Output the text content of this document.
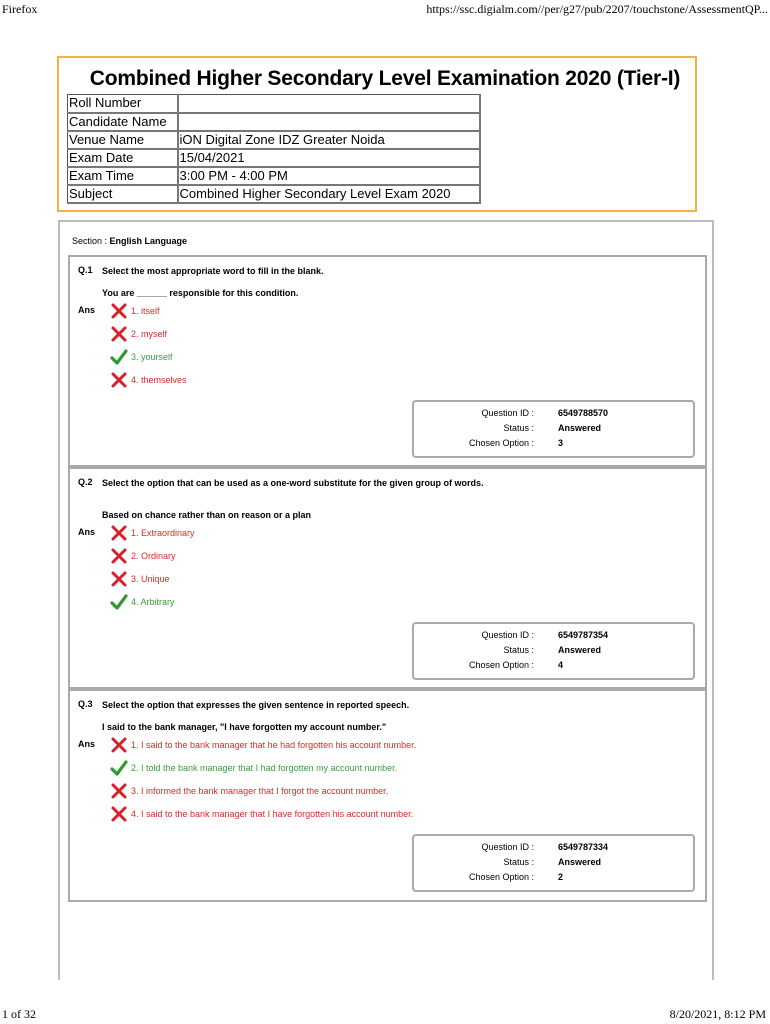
Firefox	https://ssc.digialm.com//per/g27/pub/2207/touchstone/AssessmentQP...
Combined Higher Secondary Level Examination 2020 (Tier-I)
Roll Number	
Candidate Name	
Venue Name	iON Digital Zone IDZ Greater Noida
Exam Date	15/04/2021
Exam Time	3:00 PM - 4:00 PM
Subject	Combined Higher Secondary Level Exam 2020
Section : English Language
Q.1 Select the most appropriate word to fill in the blank.
You are ______ responsible for this condition.
Ans	1. itself
2. myself
3. yourself
4. themselves
Question ID :	6549788570
Status :	Answered
Chosen Option :	3
Q.2 Select the option that can be used as a one-word substitute for the given group of words.
Based on chance rather than on reason or a plan
Ans	1. Extraordinary
2. Ordinary
3. Unique
4. Arbitrary
Question ID :	6549787354
Status :	Answered
Chosen Option :	4
Q.3 Select the option that expresses the given sentence in reported speech.
I said to the bank manager, "I have forgotten my account number."
Ans	1. I said to the bank manager that he had forgotten his account number.
2. I told the bank manager that I had forgotten my account number.
3. I informed the bank manager that I forgot the account number.
4. I said to the bank manager that I have forgotten his account number.
Question ID :	6549787334
Status :	Answered
Chosen Option :	2
1 of 32	8/20/2021, 8:12 PM
